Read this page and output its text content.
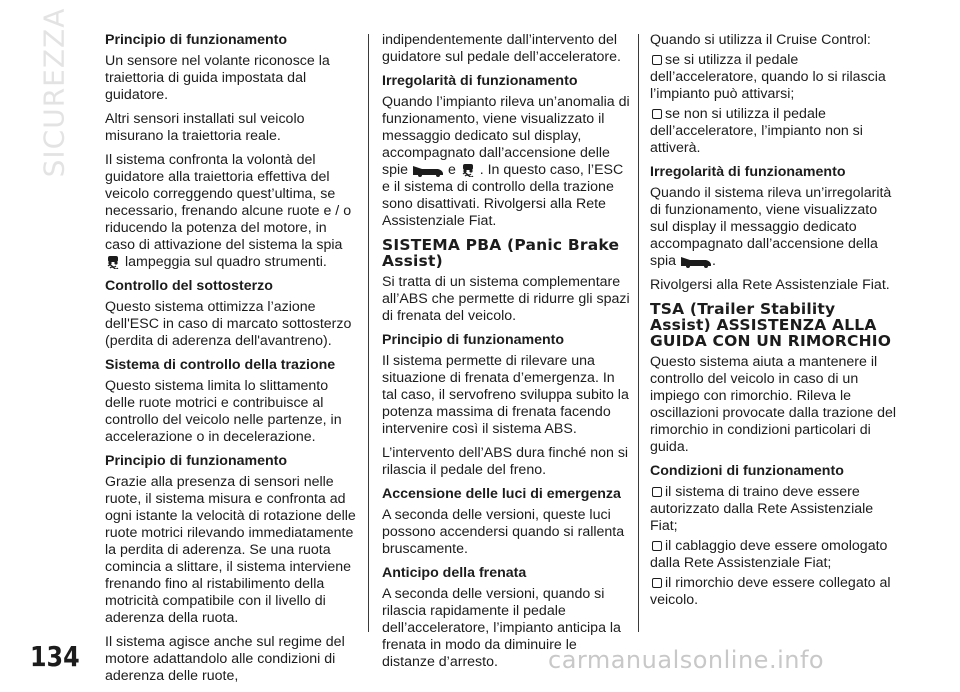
SICUREZZA Principio di funzionamento

Un sensore nel volante riconosce la traiettoria di guida impostata dal guidatore.

Altri sensori installati sul veicolo misurano la traiettoria reale.

Il sistema confronta la volontà del guidatore alla traiettoria effettiva del veicolo correggendo quest’ultima, se necessario, frenando alcune ruote e / o riducendo la potenza del motore, in caso di attivazione del sistema la spia

lampeggia sul quadro strumenti.

Controllo del sottosterzo

Questo sistema ottimizza l’azione dell'ESC in caso di marcato sottosterzo (perdita di aderenza dell'avantreno).

Sistema di controllo della trazione

Questo sistema limita lo slittamento delle ruote motrici e contribuisce al controllo del veicolo nelle partenze, in accelerazione o in decelerazione.

Principio di funzionamento

Grazie alla presenza di sensori nelle ruote, il sistema misura e confronta ad ogni istante la velocità di rotazione delle ruote motrici rilevando immediatamente la perdita di aderenza. Se una ruota comincia a slittare, il sistema interviene frenando fino al ristabilimento della motricità compatibile con il livello di aderenza della ruota.

Il sistema agisce anche sul regime del motore adattandolo alle condizioni di aderenza delle ruote,

indipendentemente dall’intervento del guidatore sul pedale dell’acceleratore.

Irregolarità di funzionamento

Quando l’impianto rileva un’anomalia di funzionamento, viene visualizzato il messaggio dedicato sul display, accompagnato dall’accensione delle spie	e . In questo caso, l’ESC e il sistema di controllo della trazione sono disattivati. Rivolgersi alla Rete Assistenziale Fiat.

SISTEMA PBA (Panic Brake Assist)

Si tratta di un sistema complementare all’ABS che permette di ridurre gli spazi di frenata del veicolo.

Principio di funzionamento

Il sistema permette di rilevare una situazione di frenata d’emergenza. In tal caso, il servofreno sviluppa subito la potenza massima di frenata facendo intervenire così il sistema ABS.

L’intervento dell’ABS dura finché non si rilascia il pedale del freno.

Accensione delle luci di emergenza

A seconda delle versioni, queste luci possono accendersi quando si rallenta bruscamente.

Anticipo della frenata

A seconda delle versioni, quando si rilascia rapidamente il pedale dell’acceleratore, l’impianto anticipa la frenata in modo da diminuire le distanze d’arresto.

Quando si utilizza il Cruise Control:
se si utilizza il pedale dell’acceleratore, quando lo si rilascia l’impianto può attivarsi;

se non si utilizza il pedale dell’acceleratore, l’impianto non si attiverà.

Irregolarità di funzionamento

Quando il sistema rileva un’irregolarità di funzionamento, viene visualizzato sul display il messaggio dedicato accompagnato dall’accensione della spia	.

Rivolgersi alla Rete Assistenziale Fiat.

TSA (Trailer Stability Assist) ASSISTENZA ALLA GUIDA CON UN RIMORCHIO

Questo sistema aiuta a mantenere il controllo del veicolo in caso di un impiego con rimorchio. Rileva le oscillazioni provocate dalla trazione del rimorchio in condizioni particolari di guida.

Condizioni di funzionamento
il sistema di traino deve essere autorizzato dalla Rete Assistenziale Fiat;
il cablaggio deve essere omologato dalla Rete Assistenziale Fiat;
il rimorchio deve essere collegato al veicolo.
134	carmanualsonline.info
